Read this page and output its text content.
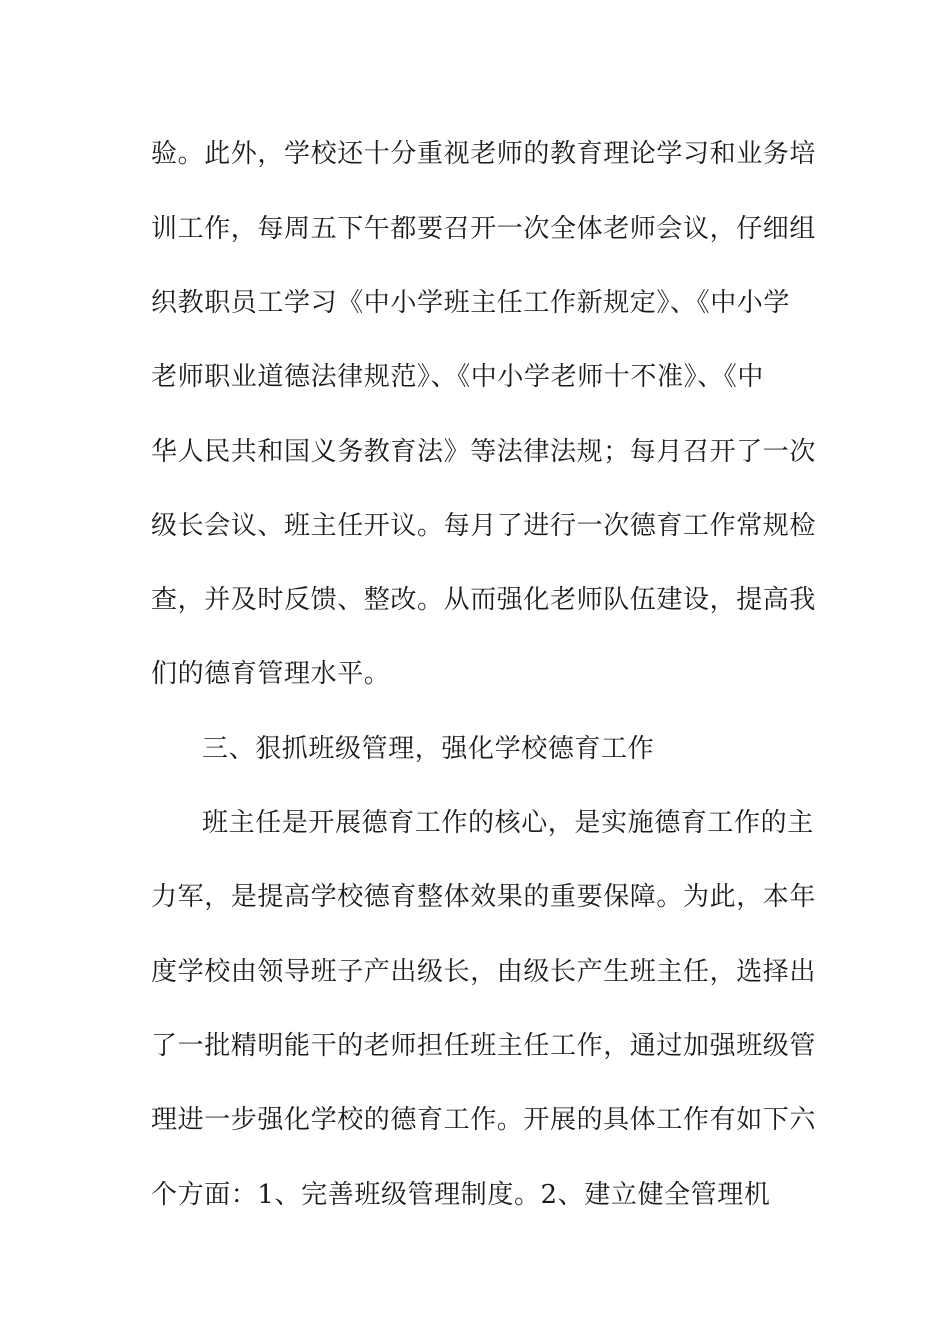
验。此外，学校还十分重视老师的教育理论学习和业务培
训工作，每周五下午都要召开一次全体老师会议，仔细组
织教职员工学习《中小学班主任工作新规定》、《中小学
老师职业道德法律规范》、《中小学老师十不准》、《中
华人民共和国义务教育法》等法律法规；每月召开了一次
级长会议、班主任开议。每月了进行一次德育工作常规检
查，并及时反馈、整改。从而强化老师队伍建设，提高我
们的德育管理水平。
三、狠抓班级管理，强化学校德育工作
班主任是开展德育工作的核心，是实施德育工作的主
力军，是提高学校德育整体效果的重要保障。为此，本年
度学校由领导班子产出级长，由级长产生班主任，选择出
了一批精明能干的老师担任班主任工作，通过加强班级管
理进一步强化学校的德育工作。开展的具体工作有如下六
个方面：1、完善班级管理制度。2、建立健全管理机
